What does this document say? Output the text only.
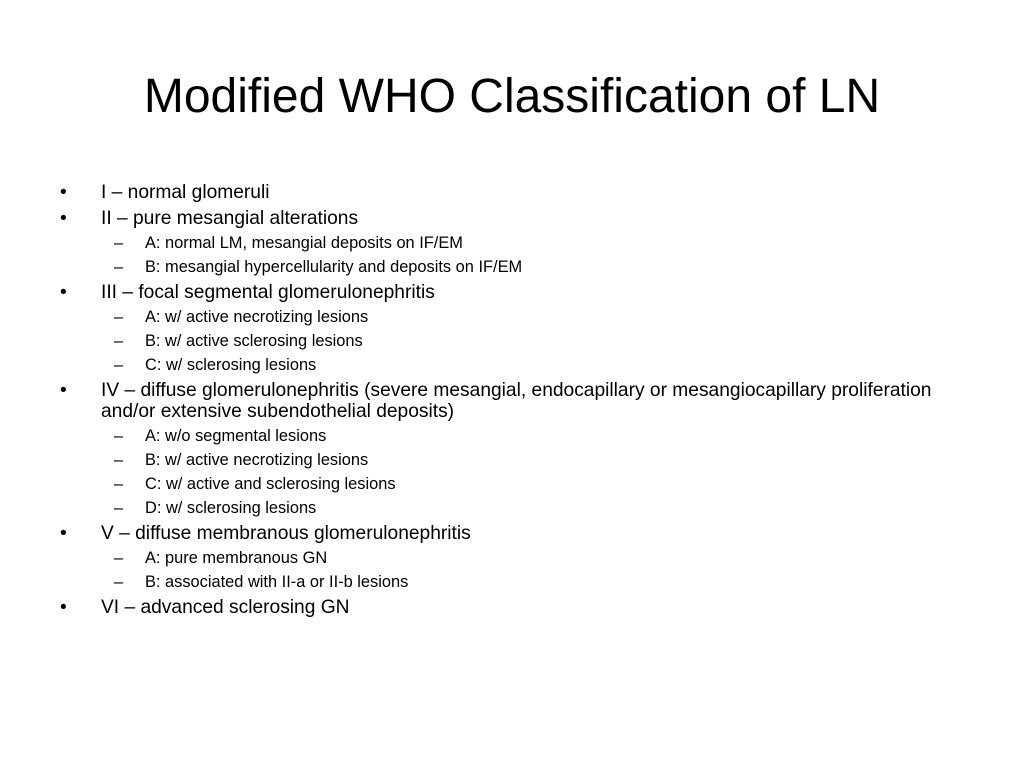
Modified WHO Classification of LN
•	I – normal glomeruli
•	II – pure mesangial alterations
– A: normal LM, mesangial deposits on IF/EM
– B: mesangial hypercellularity and deposits on IF/EM
•	III – focal segmental glomerulonephritis
– A: w/ active necrotizing lesions
– B: w/ active sclerosing lesions
– C: w/ sclerosing lesions
•	IV – diffuse glomerulonephritis (severe mesangial, endocapillary or mesangiocapillary proliferation and/or extensive subendothelial deposits)
– A: w/o segmental lesions
– B: w/ active necrotizing lesions
– C: w/ active and sclerosing lesions
– D: w/ sclerosing lesions
•	V – diffuse membranous glomerulonephritis
– A: pure membranous GN
– B: associated with II-a or II-b lesions
•	VI – advanced sclerosing GN
